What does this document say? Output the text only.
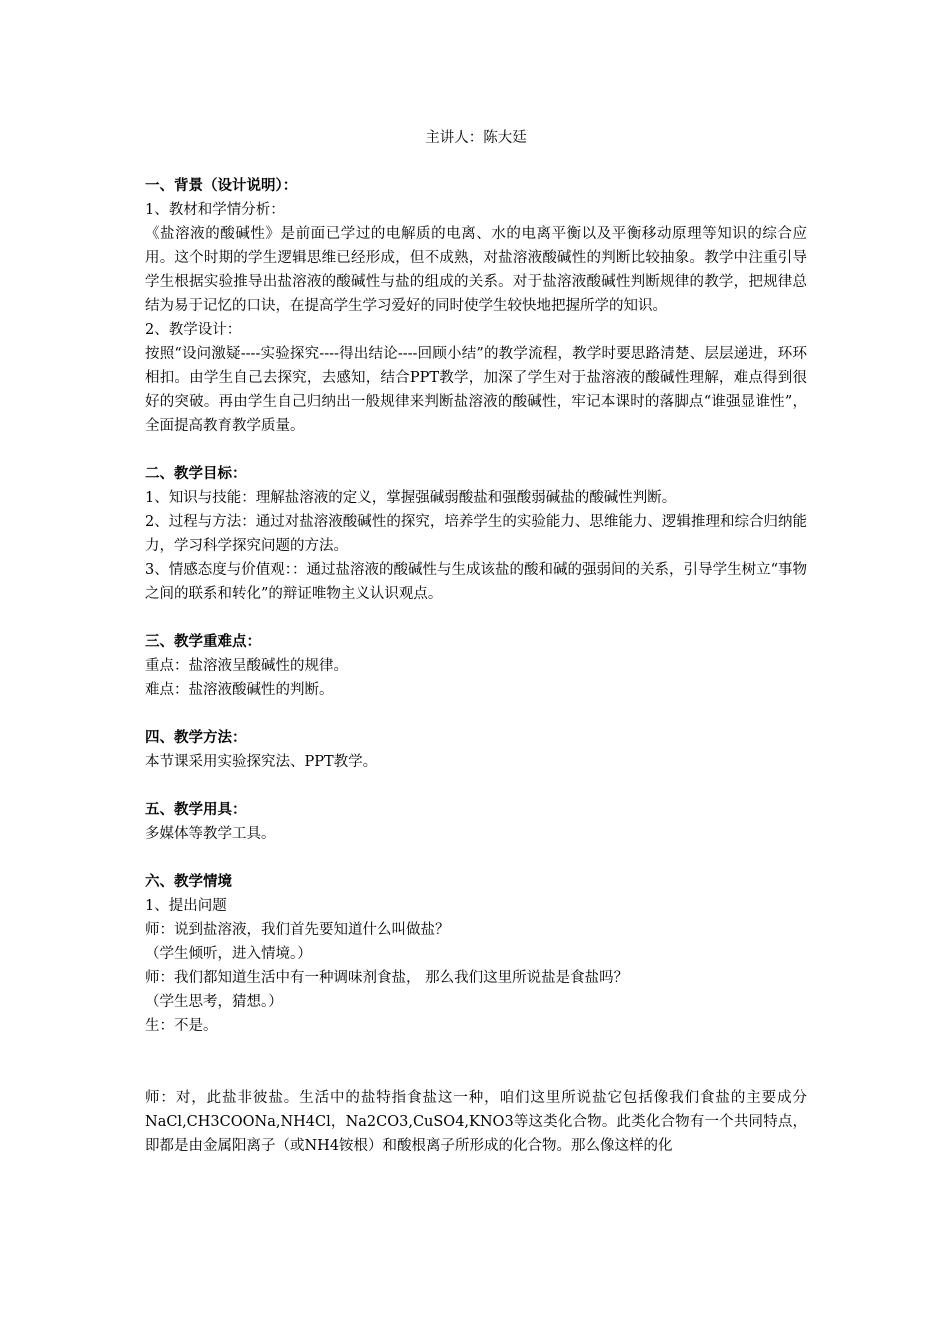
主讲人：陈大廷

一、背景（设计说明）：

1、教材和学情分析：

《盐溶液的酸碱性》是前面已学过的电解质的电离、水的电离平衡以及平衡移动原理等知识的综合应用。这个时期的学生逻辑思维已经形成，但不成熟，对盐溶液酸碱性的判断比较抽象。教学中注重引导学生根据实验推导出盐溶液的酸碱性与盐的组成的关系。对于盐溶液酸碱性判断规律的教学，把规律总结为易于记忆的口诀，在提高学生学习爱好的同时使学生较快地把握所学的知识。

2、教学设计：

按照“设问激疑----实验探究----得出结论----回顾小结”的教学流程，教学时要思路清楚、层层递进，环环相扣。由学生自己去探究，去感知，结合PPT教学，加深了学生对于盐溶液的酸碱性理解，难点得到很好的突破。再由学生自己归纳出一般规律来判断盐溶液的酸碱性，牢记本课时的落脚点“谁强显谁性”，全面提高教育教学质量。

二、教学目标：

1、知识与技能：理解盐溶液的定义，掌握强碱弱酸盐和强酸弱碱盐的酸碱性判断。

2、过程与方法：通过对盐溶液酸碱性的探究，培养学生的实验能力、思维能力、逻辑推理和综合归纳能力，学习科学探究问题的方法。

3、情感态度与价值观：：通过盐溶液的酸碱性与生成该盐的酸和碱的强弱间的关系，引导学生树立“事物之间的联系和转化”的辩证唯物主义认识观点。

三、教学重难点：

重点：盐溶液呈酸碱性的规律。

难点：盐溶液酸碱性的判断。

四、教学方法：

本节课采用实验探究法、PPT教学。

五、教学用具：

多媒体等教学工具。

六、教学情境

1、提出问题

师：说到盐溶液，我们首先要知道什么叫做盐？

（学生倾听，进入情境。）

师：我们都知道生活中有一种调味剂食盐， 那么我们这里所说盐是食盐吗？

（学生思考，猜想。）

生：不是。

师：对，此盐非彼盐。生活中的盐特指食盐这一种，咱们这里所说盐它包括像我们食盐的主要成分NaCl,CH3COONa,NH4Cl，Na2CO3,CuSO4,KNO3等这类化合物。此类化合物有一个共同特点，即都是由金属阳离子（或NH4铵根）和酸根离子所形成的化合物。那么像这样的化
